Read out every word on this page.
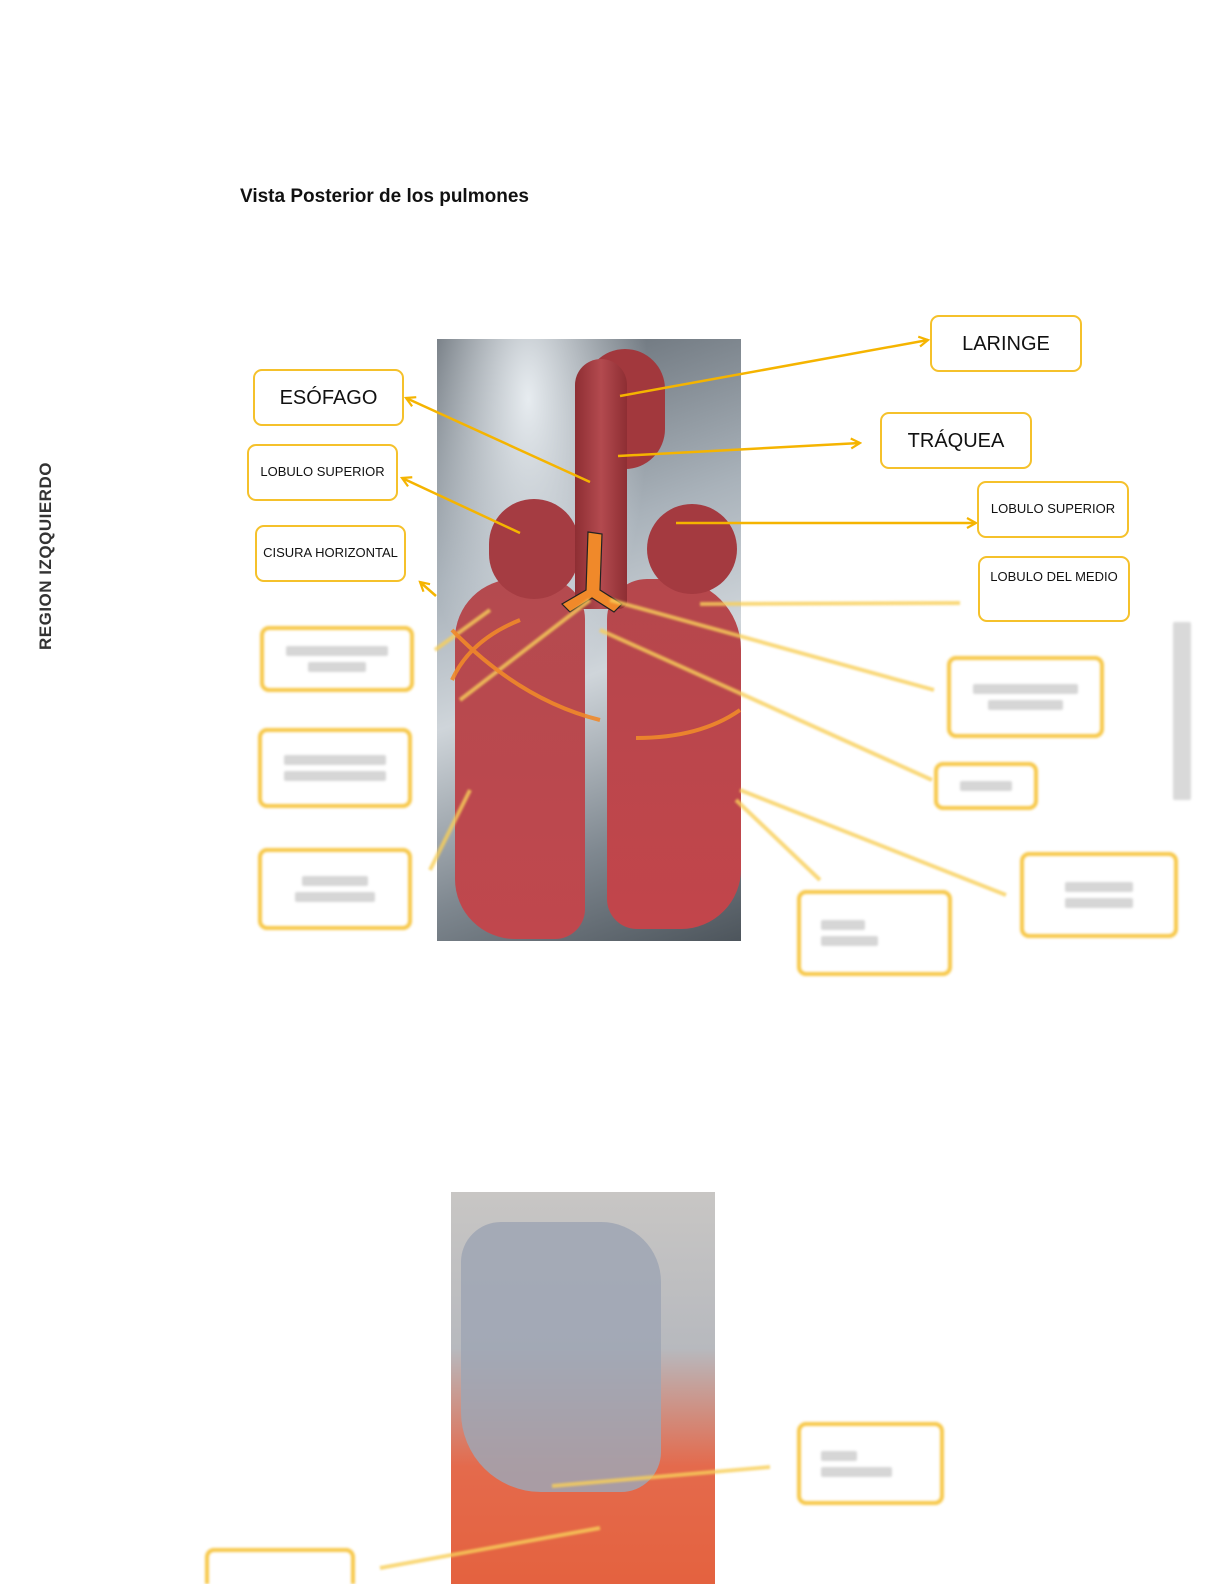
Vista Posterior de los pulmones
REGION IZQQUIERDO
LARINGE
ESÓFAGO
TRÁQUEA
LOBULO SUPERIOR
LOBULO SUPERIOR
CISURA HORIZONTAL
LOBULO DEL MEDIO
